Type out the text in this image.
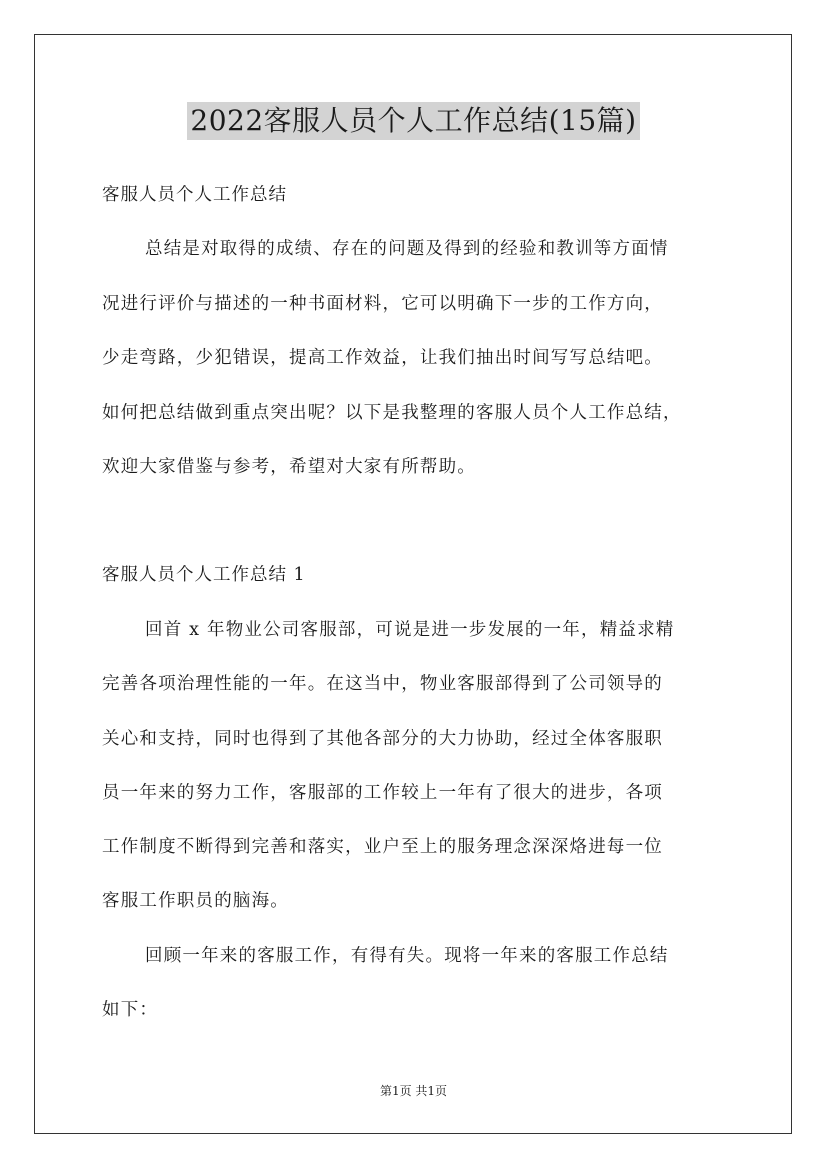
2022客服人员个人工作总结(15篇)
客服人员个人工作总结
总结是对取得的成绩、存在的问题及得到的经验和教训等方面情
况进行评价与描述的一种书面材料，它可以明确下一步的工作方向，
少走弯路，少犯错误，提高工作效益，让我们抽出时间写写总结吧。
如何把总结做到重点突出呢？以下是我整理的客服人员个人工作总结，
欢迎大家借鉴与参考，希望对大家有所帮助。
客服人员个人工作总结 1
回首 x 年物业公司客服部，可说是进一步发展的一年，精益求精
完善各项治理性能的一年。在这当中，物业客服部得到了公司领导的
关心和支持，同时也得到了其他各部分的大力协助，经过全体客服职
员一年来的努力工作，客服部的工作较上一年有了很大的进步，各项
工作制度不断得到完善和落实，业户至上的服务理念深深烙进每一位
客服工作职员的脑海。
回顾一年来的客服工作，有得有失。现将一年来的客服工作总结
如下：
第1页 共1页
